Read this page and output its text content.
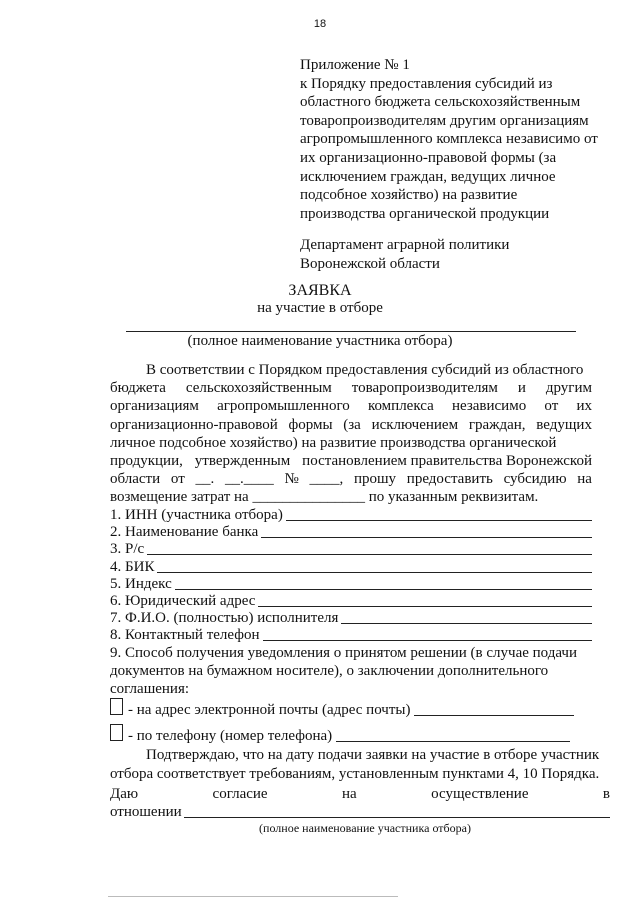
18
Приложение № 1
к Порядку предоставления субсидий из
областного бюджета сельскохозяйственным
товаропроизводителям другим организациям
агропромышленного комплекса независимо от
их организационно-правовой формы (за
исключением граждан, ведущих личное
подсобное хозяйство) на развитие
производства органической продукции
Департамент аграрной политики
Воронежской области
ЗАЯВКА
на участие в отборе
(полное наименование участника отбора)
В соответствии с Порядком предоставления субсидий из областного
бюджета сельскохозяйственным товаропроизводителям и другим
организациям агропромышленного комплекса независимо от их
организационно-правовой формы (за исключением граждан, ведущих
личное подсобное хозяйство) на развитие производства органической
продукции, утвержденным постановлением правительства Воронежской
области от __. __.____ № ____, прошу предоставить субсидию на
возмещение затрат на _______________ по указанным реквизитам.
1. ИНН (участника отбора)
2. Наименование банка
3. Р/с
4. БИК
5. Индекс
6. Юридический адрес
7. Ф.И.О. (полностью) исполнителя
8. Контактный телефон
9. Способ получения уведомления о принятом решении (в случае подачи
документов на бумажном носителе), о заключении дополнительного
соглашения:
- на адрес электронной почты (адрес почты)
- по телефону (номер телефона)
Подтверждаю, что на дату подачи заявки на участие в отборе участник
отбора соответствует требованиям, установленным пунктами 4, 10 Порядка.
Даю	согласие	на	осуществление	в
отношении
(полное наименование участника отбора)
